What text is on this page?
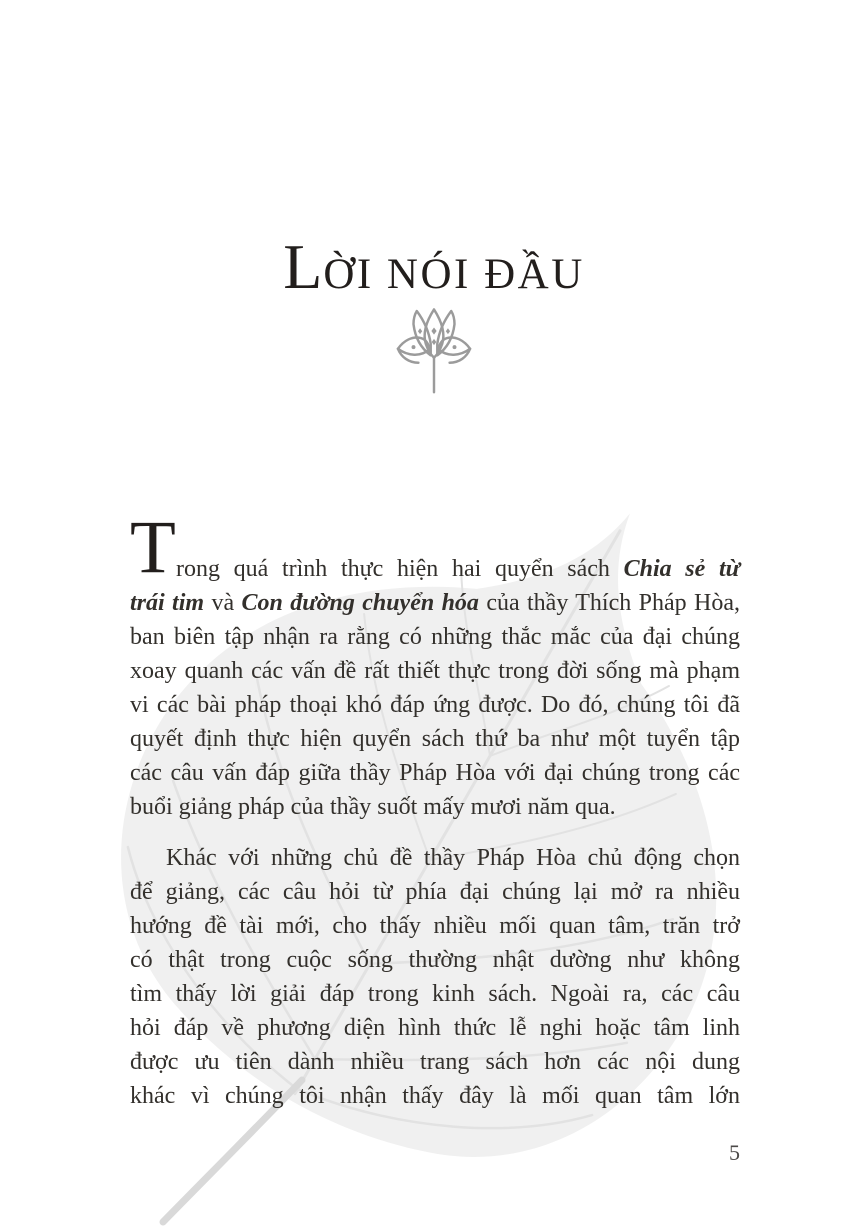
LỜI NÓI ĐẦU
T rong quá trình thực hiện hai quyển sách Chia sẻ từ
trái tim và Con đường chuyển hóa của thầy Thích Pháp Hòa,
ban biên tập nhận ra rằng có những thắc mắc của đại chúng
xoay quanh các vấn đề rất thiết thực trong đời sống mà phạm
vi các bài pháp thoại khó đáp ứng được. Do đó, chúng tôi đã
quyết định thực hiện quyển sách thứ ba như một tuyển tập
các câu vấn đáp giữa thầy Pháp Hòa với đại chúng trong các
buổi giảng pháp của thầy suốt mấy mươi năm qua.
Khác với những chủ đề thầy Pháp Hòa chủ động chọn
để giảng, các câu hỏi từ phía đại chúng lại mở ra nhiều
hướng đề tài mới, cho thấy nhiều mối quan tâm, trăn trở
có thật trong cuộc sống thường nhật dường như không
tìm thấy lời giải đáp trong kinh sách. Ngoài ra, các câu
hỏi đáp về phương diện hình thức lễ nghi hoặc tâm linh
được ưu tiên dành nhiều trang sách hơn các nội dung
khác vì chúng tôi nhận thấy đây là mối quan tâm lớn
5
